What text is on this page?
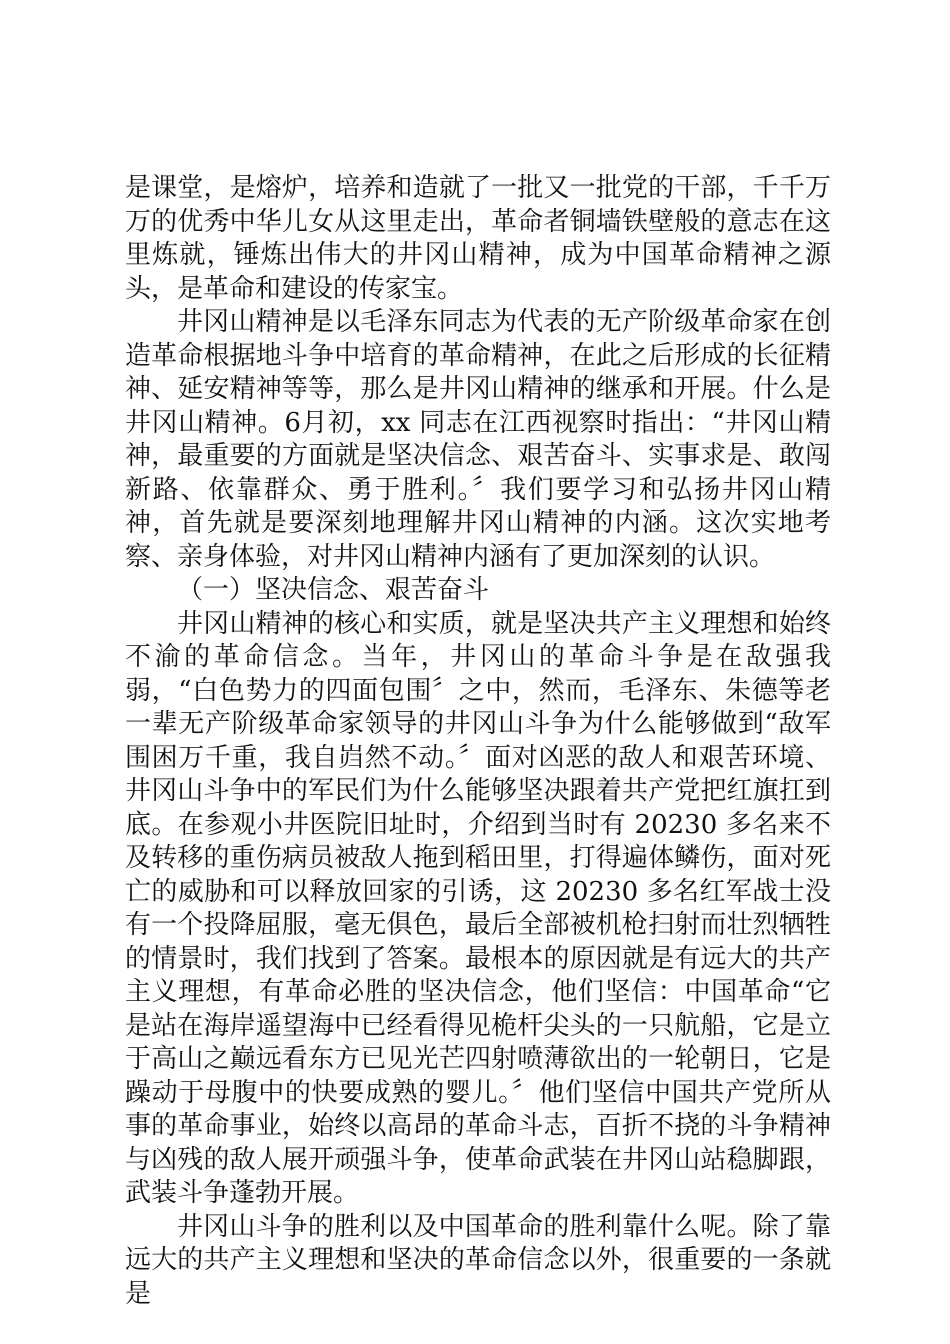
是课堂，是熔炉，培养和造就了一批又一批党的干部，千千万万的优秀中华儿女从这里走出，革命者铜墙铁壁般的意志在这里炼就，锤炼出伟大的井冈山精神，成为中国革命精神之源头，是革命和建设的传家宝。

井冈山精神是以毛泽东同志为代表的无产阶级革命家在创造革命根据地斗争中培育的革命精神，在此之后形成的长征精神、延安精神等等，那么是井冈山精神的继承和开展。什么是井冈山精神。6月初，xx 同志在江西视察时指出：“井冈山精神，最重要的方面就是坚决信念、艰苦奋斗、实事求是、敢闯新路、依靠群众、勇于胜利。〞我们要学习和弘扬井冈山精神，首先就是要深刻地理解井冈山精神的内涵。这次实地考察、亲身体验，对井冈山精神内涵有了更加深刻的认识。

（一）坚决信念、艰苦奋斗

井冈山精神的核心和实质，就是坚决共产主义理想和始终不渝的革命信念。当年，井冈山的革命斗争是在敌强我弱，“白色势力的四面包围〞之中，然而，毛泽东、朱德等老一辈无产阶级革命家领导的井冈山斗争为什么能够做到“敌军围困万千重，我自岿然不动。〞面对凶恶的敌人和艰苦环境、井冈山斗争中的军民们为什么能够坚决跟着共产党把红旗扛到底。在参观小井医院旧址时，介绍到当时有 20230 多名来不及转移的重伤病员被敌人拖到稻田里，打得遍体鳞伤，面对死亡的威胁和可以释放回家的引诱，这 20230 多名红军战士没有一个投降屈服，毫无俱色，最后全部被机枪扫射而壮烈牺牲的情景时，我们找到了答案。最根本的原因就是有远大的共产主义理想，有革命必胜的坚决信念，他们坚信：中国革命“它是站在海岸遥望海中已经看得见桅杆尖头的一只航船，它是立于高山之巅远看东方已见光芒四射喷薄欲出的一轮朝日，它是躁动于母腹中的快要成熟的婴儿。〞他们坚信中国共产党所从事的革命事业，始终以高昂的革命斗志，百折不挠的斗争精神与凶残的敌人展开顽强斗争，使革命武装在井冈山站稳脚跟，武装斗争蓬勃开展。

井冈山斗争的胜利以及中国革命的胜利靠什么呢。除了靠远大的共产主义理想和坚决的革命信念以外，很重要的一条就是
